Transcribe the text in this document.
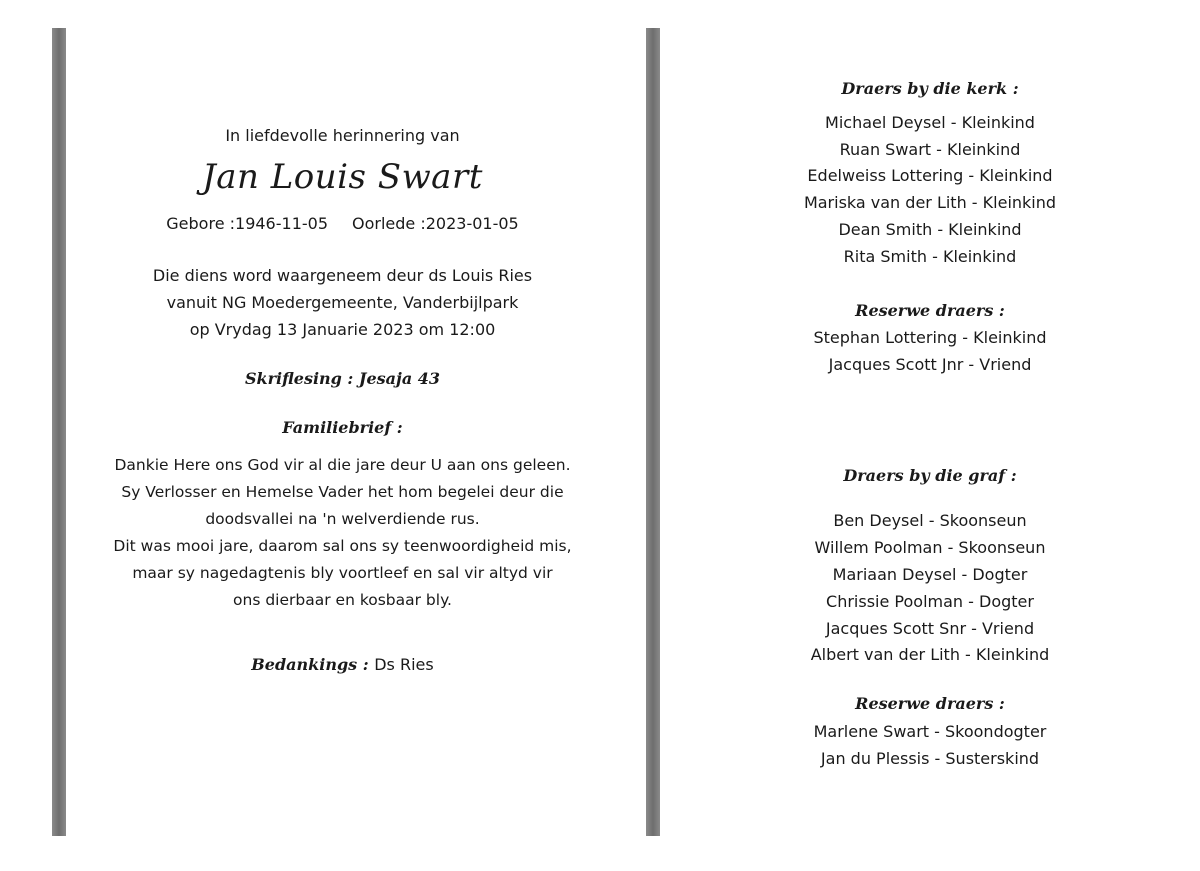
In liefdevolle herinnering van
Jan Louis Swart
Gebore :1946-11-05 Oorlede :2023-01-05
Die diens word waargeneem deur ds Louis Ries
vanuit NG Moedergemeente, Vanderbijlpark
op Vrydag 13 Januarie 2023 om 12:00
Skriflesing : Jesaja 43
Familiebrief :
Dankie Here ons God vir al die jare deur U aan ons geleen.
Sy Verlosser en Hemelse Vader het hom begelei deur die
doodsvallei na 'n welverdiende rus.
Dit was mooi jare, daarom sal ons sy teenwoordigheid mis,
maar sy nagedagtenis bly voortleef en sal vir altyd vir
ons dierbaar en kosbaar bly.
Bedankings : Ds Ries
Draers by die kerk :
Michael Deysel - Kleinkind
Ruan Swart - Kleinkind
Edelweiss Lottering - Kleinkind
Mariska van der Lith - Kleinkind
Dean Smith - Kleinkind
Rita Smith - Kleinkind
Reserwe draers :
Stephan Lottering - Kleinkind
Jacques Scott Jnr - Vriend
Draers by die graf :
Ben Deysel - Skoonseun
Willem Poolman - Skoonseun
Mariaan Deysel - Dogter
Chrissie Poolman - Dogter
Jacques Scott Snr - Vriend
Albert van der Lith - Kleinkind
Reserwe draers :
Marlene Swart - Skoondogter
Jan du Plessis - Susterskind
